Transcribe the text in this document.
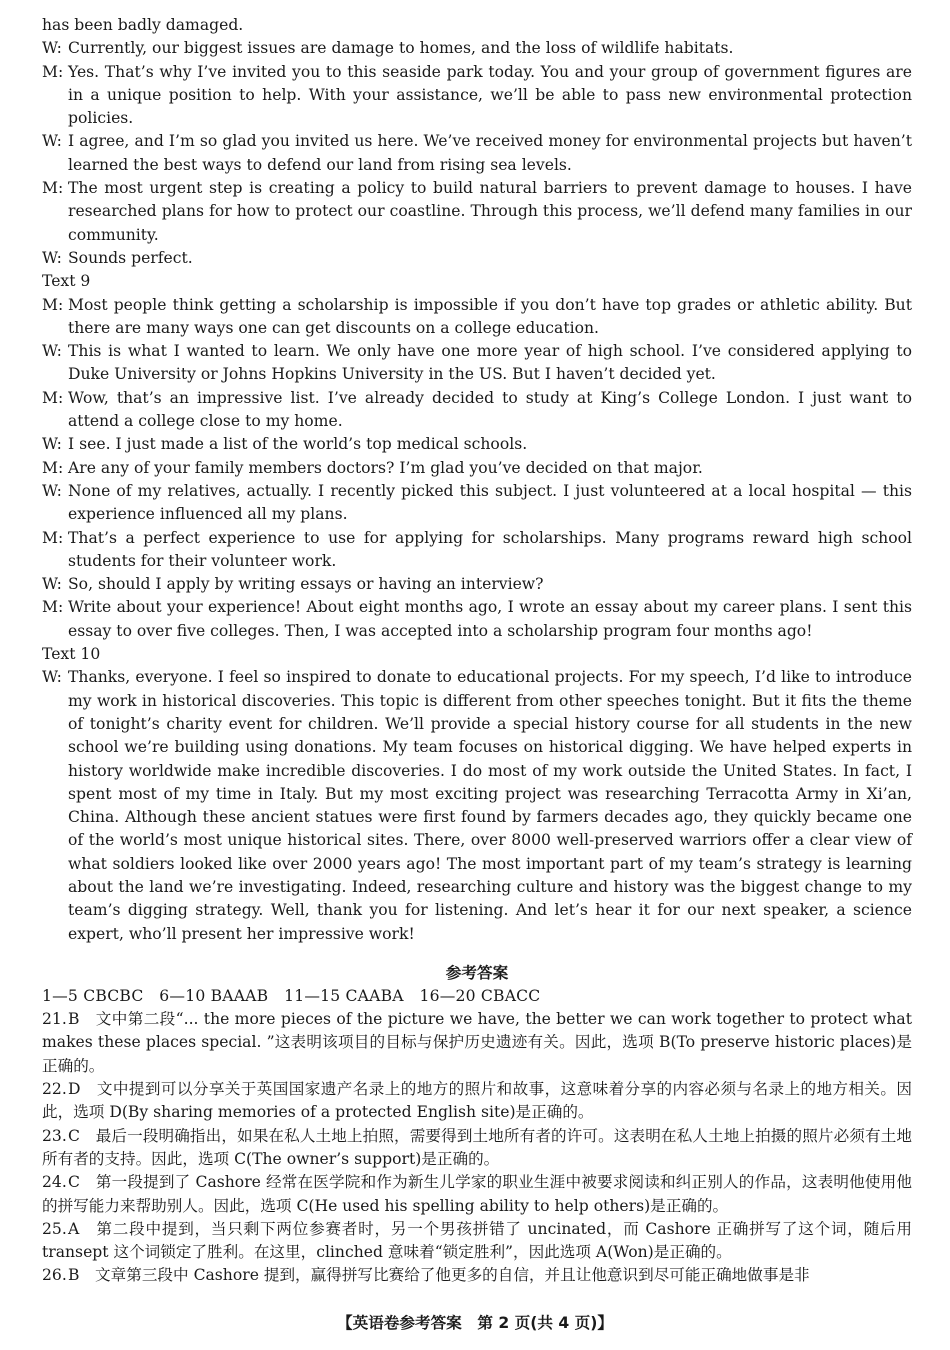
has been badly damaged.

W: Currently, our biggest issues are damage to homes, and the loss of wildlife habitats.

M: Yes. That’s why I’ve invited you to this seaside park today. You and your group of government figures are in a unique position to help. With your assistance, we’ll be able to pass new environmental protection policies.

W: I agree, and I’m so glad you invited us here. We’ve received money for environmental projects but haven’t learned the best ways to defend our land from rising sea levels.

M: The most urgent step is creating a policy to build natural barriers to prevent damage to houses. I have researched plans for how to protect our coastline. Through this process, we’ll defend many families in our community.

W: Sounds perfect.

Text 9

M: Most people think getting a scholarship is impossible if you don’t have top grades or athletic ability. But there are many ways one can get discounts on a college education.

W: This is what I wanted to learn. We only have one more year of high school. I’ve considered applying to Duke University or Johns Hopkins University in the US. But I haven’t decided yet.

M: Wow, that’s an impressive list. I’ve already decided to study at King’s College London. I just want to attend a college close to my home.

W: I see. I just made a list of the world’s top medical schools.

M: Are any of your family members doctors? I’m glad you’ve decided on that major.

W: None of my relatives, actually. I recently picked this subject. I just volunteered at a local hospital — this experience influenced all my plans.

M: That’s a perfect experience to use for applying for scholarships. Many programs reward high school students for their volunteer work.

W: So, should I apply by writing essays or having an interview?

M: Write about your experience! About eight months ago, I wrote an essay about my career plans. I sent this essay to over five colleges. Then, I was accepted into a scholarship program four months ago!

Text 10

W: Thanks, everyone. I feel so inspired to donate to educational projects. For my speech, I’d like to introduce my work in historical discoveries. This topic is different from other speeches tonight. But it fits the theme of tonight’s charity event for children. We’ll provide a special history course for all students in the new school we’re building using donations. My team focuses on historical digging. We have helped experts in history worldwide make incredible discoveries. I do most of my work outside the United States. In fact, I spent most of my time in Italy. But my most exciting project was researching Terracotta Army in Xi’an, China. Although these ancient statues were first found by farmers decades ago, they quickly became one of the world’s most unique historical sites. There, over 8000 well-preserved warriors offer a clear view of what soldiers looked like over 2000 years ago! The most important part of my team’s strategy is learning about the land we’re investigating. Indeed, researching culture and history was the biggest change to my team’s digging strategy. Well, thank you for listening. And let’s hear it for our next speaker, a science expert, who’ll present her impressive work!

参考答案

1—5 CBCBC　6—10 BAAAB　11—15 CAABA　16—20 CBACC

21.B　文中第二段“... the more pieces of the picture we have, the better we can work together to protect what makes these places special. ”这表明该项目的目标与保护历史遗迹有关。因此，选项 B(To preserve historic places)是正确的。

22.D　文中提到可以分享关于英国国家遗产名录上的地方的照片和故事，这意味着分享的内容必须与名录上的地方相关。因此，选项 D(By sharing memories of a protected English site)是正确的。

23.C　最后一段明确指出，如果在私人土地上拍照，需要得到土地所有者的许可。这表明在私人土地上拍摄的照片必须有土地所有者的支持。因此，选项 C(The owner’s support)是正确的。

24.C　第一段提到了 Cashore 经常在医学院和作为新生儿学家的职业生涯中被要求阅读和纠正别人的作品，这表明他使用他的拼写能力来帮助别人。因此，选项 C(He used his spelling ability to help others)是正确的。

25.A　第二段中提到，当只剩下两位参赛者时，另一个男孩拼错了 uncinated，而 Cashore 正确拼写了这个词，随后用 transept 这个词锁定了胜利。在这里，clinched 意味着“锁定胜利”，因此选项 A(Won)是正确的。

26.B　文章第三段中 Cashore 提到，赢得拼写比赛给了他更多的自信，并且让他意识到尽可能正确地做事是非

【英语卷参考答案　第 2 页(共 4 页)】
